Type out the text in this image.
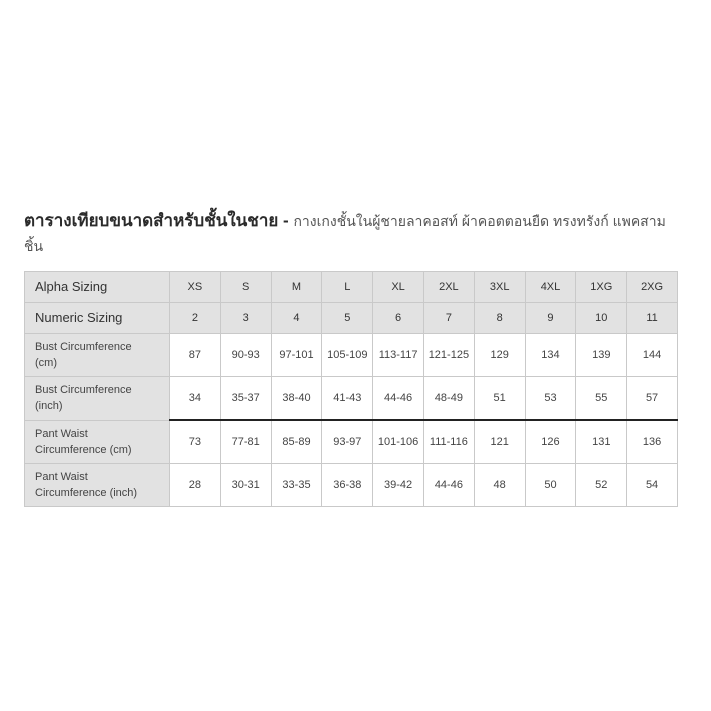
ตารางเทียบขนาดสำหรับชั้นในชาย - กางเกงชั้นในผู้ชายลาคอสท์ ผ้าคอตตอนยืด ทรงทรังก์ แพคสามชิ้น
Alpha Sizing	XS	S	M	L	XL	2XL	3XL	4XL	1XG	2XG
Numeric Sizing	2	3	4	5	6	7	8	9	10	11
Bust Circumference
(cm)	87	90-93	97-101	105-109	113-117	121-125	129	134	139	144
Bust Circumference
(inch)	34	35-37	38-40	41-43	44-46	48-49	51	53	55	57
Pant Waist
Circumference (cm)	73	77-81	85-89	93-97	101-106	111-116	121	126	131	136
Pant Waist
Circumference (inch)	28	30-31	33-35	36-38	39-42	44-46	48	50	52	54
